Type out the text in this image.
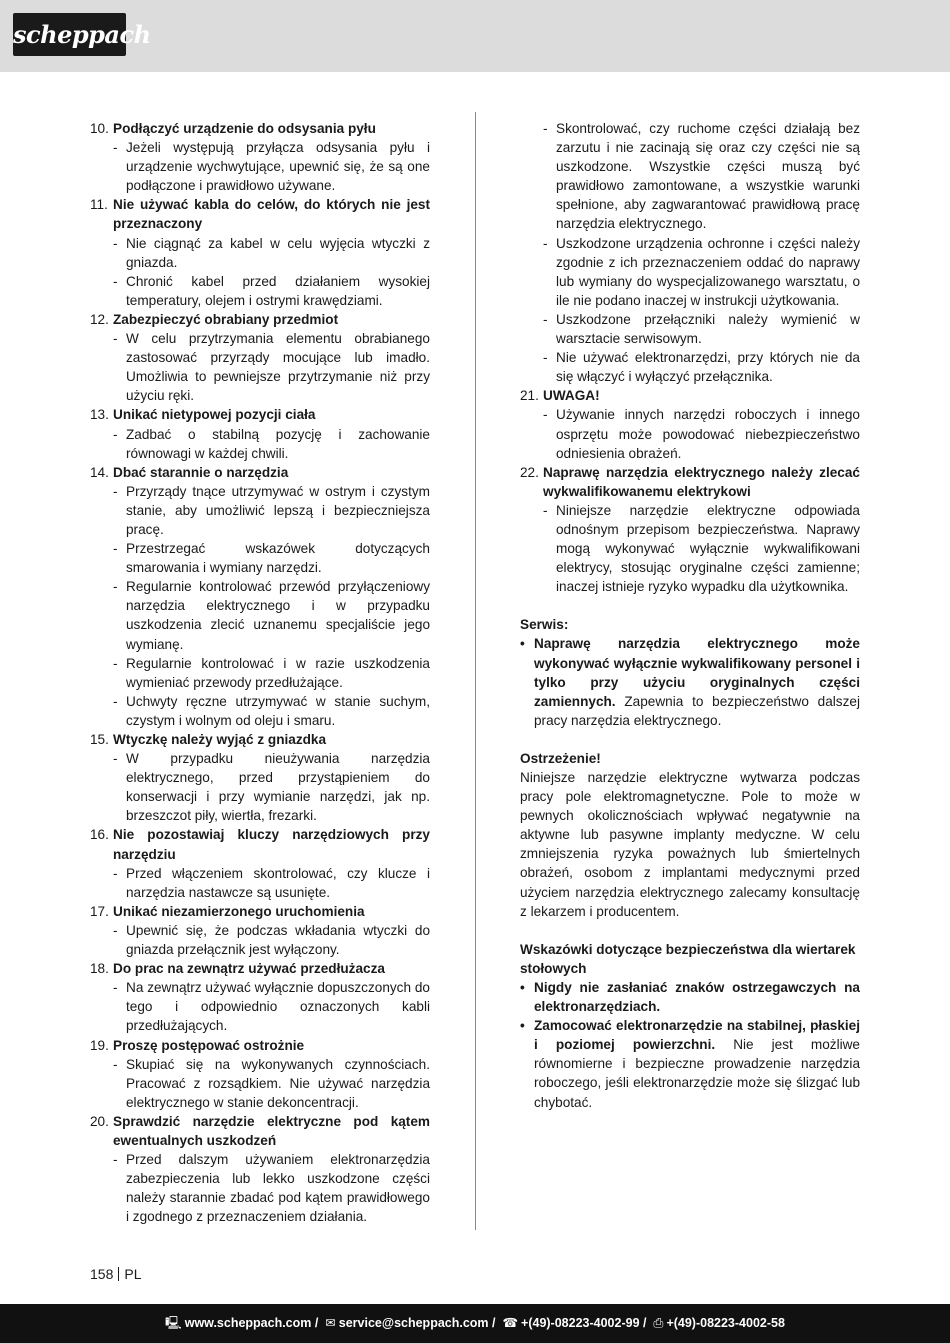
scheppach
10. Podłączyć urządzenie do odsysania pyłu
- Jeżeli występują przyłącza odsysania pyłu i urządzenie wychwytujące, upewnić się, że są one podłączone i prawidłowo używane.
11. Nie używać kabla do celów, do których nie jest przeznaczony
- Nie ciągnąć za kabel w celu wyjęcia wtyczki z gniazda.
- Chronić kabel przed działaniem wysokiej temperatury, olejem i ostrymi krawędziami.
12. Zabezpieczyć obrabiany przedmiot
- W celu przytrzymania elementu obrabianego zastosować przyrządy mocujące lub imadło. Umożliwia to pewniejsze przytrzymanie niż przy użyciu ręki.
13. Unikać nietypowej pozycji ciała
- Zadbać o stabilną pozycję i zachowanie równowagi w każdej chwili.
14. Dbać starannie o narzędzia
- Przyrządy tnące utrzymywać w ostrym i czystym stanie, aby umożliwić lepszą i bezpieczniejsza pracę.
- Przestrzegać wskazówek dotyczących smarowania i wymiany narzędzi.
- Regularnie kontrolować przewód przyłączeniowy narzędzia elektrycznego i w przypadku uszkodzenia zlecić uznanemu specjaliście jego wymianę.
- Regularnie kontrolować i w razie uszkodzenia wymieniać przewody przedłużające.
- Uchwyty ręczne utrzymywać w stanie suchym, czystym i wolnym od oleju i smaru.
15. Wtyczkę należy wyjąć z gniazdka
- W przypadku nieużywania narzędzia elektrycznego, przed przystąpieniem do konserwacji i przy wymianie narzędzi, jak np. brzeszczot piły, wiertła, frezarki.
16. Nie pozostawiaj kluczy narzędziowych przy narzędziu
- Przed włączeniem skontrolować, czy klucze i narzędzia nastawcze są usunięte.
17. Unikać niezamierzonego uruchomienia
- Upewnić się, że podczas wkładania wtyczki do gniazda przełącznik jest wyłączony.
18. Do prac na zewnątrz używać przedłużacza
- Na zewnątrz używać wyłącznie dopuszczonych do tego i odpowiednio oznaczonych kabli przedłużających.
19. Proszę postępować ostrożnie
- Skupiać się na wykonywanych czynnościach. Pracować z rozsądkiem. Nie używać narzędzia elektrycznego w stanie dekoncentracji.
20. Sprawdzić narzędzie elektryczne pod kątem ewentualnych uszkodzeń
- Przed dalszym używaniem elektronarzędzia zabezpieczenia lub lekko uszkodzone części należy starannie zbadać pod kątem prawidłowego i zgodnego z przeznaczeniem działania.
- Skontrolować, czy ruchome części działają bez zarzutu i nie zacinają się oraz czy części nie są uszkodzone. Wszystkie części muszą być prawidłowo zamontowane, a wszystkie warunki spełnione, aby zagwarantować prawidłową pracę narzędzia elektrycznego.
- Uszkodzone urządzenia ochronne i części należy zgodnie z ich przeznaczeniem oddać do naprawy lub wymiany do wyspecjalizowanego warsztatu, o ile nie podano inaczej w instrukcji użytkowania.
- Uszkodzone przełączniki należy wymienić w warsztacie serwisowym.
- Nie używać elektronarzędzi, przy których nie da się włączyć i wyłączyć przełącznika.
21. UWAGA!
- Używanie innych narzędzi roboczych i innego osprzętu może powodować niebezpieczeństwo odniesienia obrażeń.
22. Naprawę narzędzia elektrycznego należy zlecać wykwalifikowanemu elektrykowi
- Niniejsze narzędzie elektryczne odpowiada odnośnym przepisom bezpieczeństwa. Naprawy mogą wykonywać wyłącznie wykwalifikowani elektrycy, stosując oryginalne części zamienne; inaczej istnieje ryzyko wypadku dla użytkownika.
Serwis:
• Naprawę narzędzia elektrycznego może wykonywać wyłącznie wykwalifikowany personel i tylko przy użyciu oryginalnych części zamiennych. Zapewnia to bezpieczeństwo dalszej pracy narzędzia elektrycznego.
Ostrzeżenie!
Niniejsze narzędzie elektryczne wytwarza podczas pracy pole elektromagnetyczne. Pole to może w pewnych okolicznościach wpływać negatywnie na aktywne lub pasywne implanty medyczne. W celu zmniejszenia ryzyka poważnych lub śmiertelnych obrażeń, osobom z implantami medycznymi przed użyciem narzędzia elektrycznego zalecamy konsultację z lekarzem i producentem.
Wskazówki dotyczące bezpieczeństwa dla wiertarek stołowych
• Nigdy nie zasłaniać znaków ostrzegawczych na elektronarzędziach.
• Zamocować elektronarzędzie na stabilnej, płaskiej i poziomej powierzchni. Nie jest możliwe równomierne i bezpieczne prowadzenie narzędzia roboczego, jeśli elektronarzędzie może się ślizgać lub chybotać.
158 PL
🖳 www.scheppach.com / ✉ service@scheppach.com / ☎ +(49)-08223-4002-99 / ⎙ +(49)-08223-4002-58
